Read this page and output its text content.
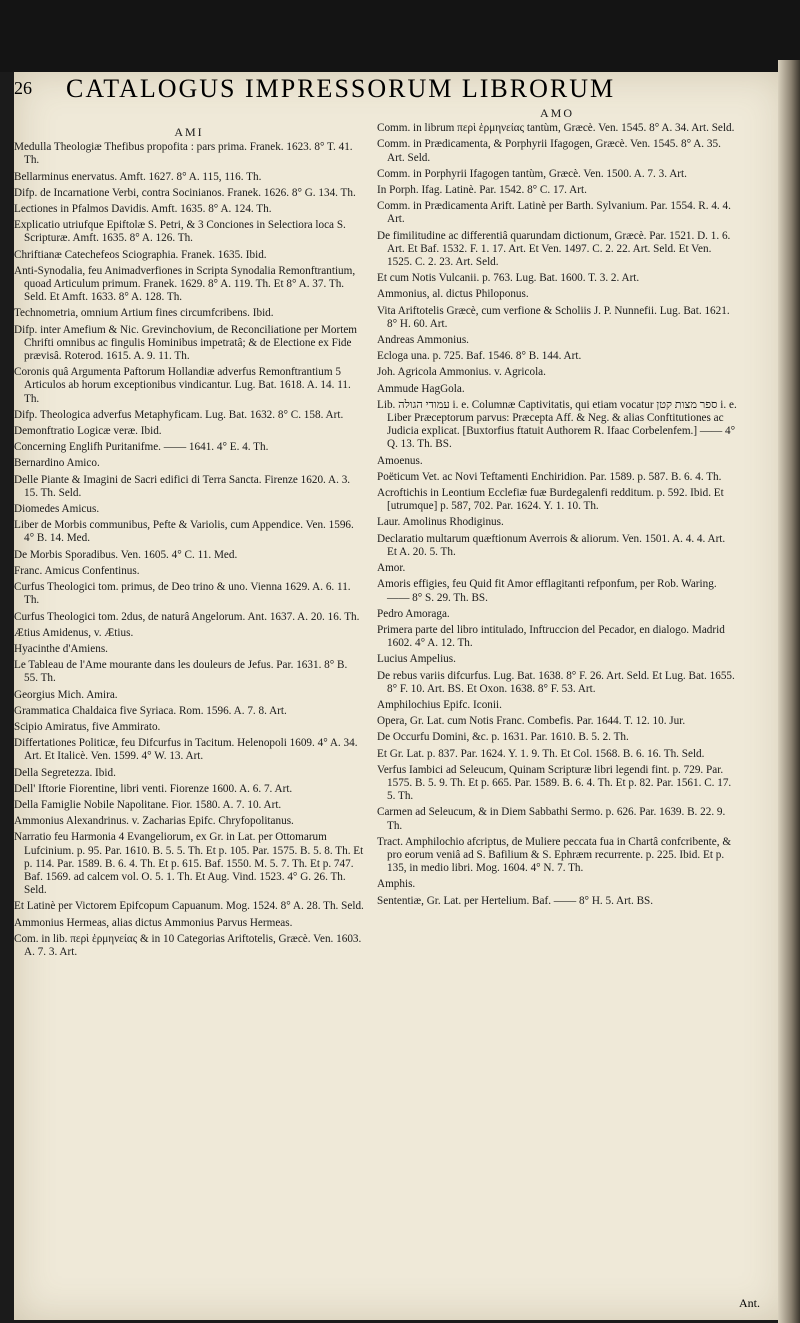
26 CATALOGUS IMPRESSORUM LIBRORUM
AMI
Medulla Theologiæ Thefibus propofita : pars prima. Franek. 1623. 8° T. 41. Th.
Bellarminus enervatus. Amft. 1627. 8° A. 115, 116. Th.
Difp. de Incarnatione Verbi, contra Socinianos. Franek. 1626. 8° G. 134. Th.
Lectiones in Pfalmos Davidis. Amft. 1635. 8° A. 124. Th.
Explicatio utriufque Epiftolæ S. Petri, & 3 Conciones in Selectiora loca S. Scripturæ. Amft. 1635. 8° A. 126. Th.
Chriftianæ Catechefeos Sciographia. Franek. 1635. Ibid.
Anti-Synodalia, feu Animadverfiones in Scripta Synodalia Remonftrantium, quoad Articulum primum. Franek. 1629. 8° A. 119. Th. Et 8° A. 37. Th. Seld. Et Amft. 1633. 8° A. 128. Th.
Technometria, omnium Artium fines circumfcribens. Ibid.
Difp. inter Amefium & Nic. Grevinchovium, de Reconciliatione per Mortem Chrifti omnibus ac fingulis Hominibus impetratâ; & de Electione ex Fide prævisâ. Roterod. 1615. A. 9. 11. Th.
Coronis quâ Argumenta Paftorum Hollandiæ adverfus Remonftrantium 5 Articulos ab horum exceptionibus vindicantur. Lug. Bat. 1618. A. 14. 11. Th.
Difp. Theologica adverfus Metaphyficam. Lug. Bat. 1632. 8° C. 158. Art.
Demonftratio Logicæ veræ. Ibid.
Concerning Englifh Puritanifme. —— 1641. 4° E. 4. Th.
Bernardino Amico.
Delle Piante & Imagini de Sacri edifici di Terra Sancta. Firenze 1620. A. 3. 15. Th. Seld.
Diomedes Amicus.
Liber de Morbis communibus, Pefte & Variolis, cum Appendice. Ven. 1596. 4° B. 14. Med.
De Morbis Sporadibus. Ven. 1605. 4° C. 11. Med.
Franc. Amicus Confentinus.
Curfus Theologici tom. primus, de Deo trino & uno. Vienna 1629. A. 6. 11. Th.
Curfus Theologici tom. 2dus, de naturâ Angelorum. Ant. 1637. A. 20. 16. Th.
Ætius Amidenus, v. Ætius.
Hyacinthe d'Amiens.
Le Tableau de l'Ame mourante dans les douleurs de Jefus. Par. 1631. 8° B. 55. Th.
Georgius Mich. Amira.
Grammatica Chaldaica five Syriaca. Rom. 1596. A. 7. 8. Art.
Scipio Amiratus, five Ammirato.
Differtationes Politicæ, feu Difcurfus in Tacitum. Helenopoli 1609. 4° A. 34. Art. Et Italicè. Ven. 1599. 4° W. 13. Art.
Della Segretezza. Ibid.
Dell' Iftorie Fiorentine, libri venti. Fiorenze 1600. A. 6. 7. Art.
Della Famiglie Nobile Napolitane. Fior. 1580. A. 7. 10. Art.
Ammonius Alexandrinus. v. Zacharias Epifc. Chryfopolitanus.
Narratio feu Harmonia 4 Evangeliorum, ex Gr. in Lat. per Ottomarum Lufcinium. p. 95. Par. 1610. B. 5. 5. Th. Et p. 105. Par. 1575. B. 5. 8. Th. Et p. 114. Par. 1589. B. 6. 4. Th. Et p. 615. Baf. 1550. M. 5. 7. Th. Et p. 747. Baf. 1569. ad calcem vol. O. 5. 1. Th. Et Aug. Vind. 1523. 4° G. 26. Th. Seld.
Et Latinè per Victorem Epifcopum Capuanum. Mog. 1524. 8° A. 28. Th. Seld.
Ammonius Hermeas, alias dictus Ammonius Parvus Hermeas.
Com. in lib. περὶ ἑρμηνείας & in 10 Categorias Ariftotelis, Græcè. Ven. 1603. A. 7. 3. Art.
AMO
Comm. in librum περὶ ἑρμηνείας tantùm, Græcè. Ven. 1545. 8° A. 34. Art. Seld.
Comm. in Prædicamenta, & Porphyrii Ifagogen, Græcè. Ven. 1545. 8° A. 35. Art. Seld.
Comm. in Porphyrii Ifagogen tantùm, Græcè. Ven. 1500. A. 7. 3. Art.
In Porph. Ifag. Latinè. Par. 1542. 8° C. 17. Art.
Comm. in Prædicamenta Arift. Latinè per Barth. Sylvanium. Par. 1554. R. 4. 4. Art.
De fimilitudine ac differentiâ quarundam dictionum, Græcè. Par. 1521. D. 1. 6. Art. Et Baf. 1532. F. 1. 17. Art. Et Ven. 1497. C. 2. 22. Art. Seld. Et Ven. 1525. C. 2. 23. Art. Seld.
Et cum Notis Vulcanii. p. 763. Lug. Bat. 1600. T. 3. 2. Art.
Ammonius, al. dictus Philoponus.
Vita Ariftotelis Græcè, cum verfione & Scholiis J. P. Nunnefii. Lug. Bat. 1621. 8° H. 60. Art.
Andreas Ammonius.
Ecloga una. p. 725. Baf. 1546. 8° B. 144. Art.
Joh. Agricola Ammonius. v. Agricola.
Ammude HagGola.
Lib. עמודי הגולה i. e. Columnæ Captivitatis, qui etiam vocatur ספר מצות קטן i. e. Liber Præceptorum parvus: Præcepta Aff. & Neg. & alias Conftitutiones ac Judicia explicat. [Buxtorfius ftatuit Authorem R. Ifaac Corbelenfem.] —— 4° Q. 13. Th. BS.
Amoenus.
Poëticum Vet. ac Novi Teftamenti Enchiridion. Par. 1589. p. 587. B. 6. 4. Th.
Acroftichis in Leontium Ecclefiæ fuæ Burdegalenfi redditum. p. 592. Ibid. Et [utrumque] p. 587, 702. Par. 1624. Y. 1. 10. Th.
Laur. Amolinus Rhodiginus.
Declaratio multarum quæftionum Averrois & aliorum. Ven. 1501. A. 4. 4. Art. Et A. 20. 5. Th.
Amor.
Amoris effigies, feu Quid fit Amor efflagitanti refponfum, per Rob. Waring. —— 8° S. 29. Th. BS.
Pedro Amoraga.
Primera parte del libro intitulado, Inftruccion del Pecador, en dialogo. Madrid 1602. 4° A. 12. Th.
Lucius Ampelius.
De rebus variis difcurfus. Lug. Bat. 1638. 8° F. 26. Art. Seld. Et Lug. Bat. 1655. 8° F. 10. Art. BS. Et Oxon. 1638. 8° F. 53. Art.
Amphilochius Epifc. Iconii.
Opera, Gr. Lat. cum Notis Franc. Combefis. Par. 1644. T. 12. 10. Jur.
De Occurfu Domini, &c. p. 1631. Par. 1610. B. 5. 2. Th.
Et Gr. Lat. p. 837. Par. 1624. Y. 1. 9. Th. Et Col. 1568. B. 6. 16. Th. Seld.
Verfus Iambici ad Seleucum, Quinam Scripturæ libri legendi fint. p. 729. Par. 1575. B. 5. 9. Th. Et p. 665. Par. 1589. B. 6. 4. Th. Et p. 82. Par. 1561. C. 17. 5. Th.
Carmen ad Seleucum, & in Diem Sabbathi Sermo. p. 626. Par. 1639. B. 22. 9. Th.
Tract. Amphilochio afcriptus, de Muliere peccata fua in Chartâ confcribente, & pro eorum veniâ ad S. Bafilium & S. Ephræm recurrente. p. 225. Ibid. Et p. 135, in medio libri. Mog. 1604. 4° N. 7. Th.
Amphis.
Sententiæ, Gr. Lat. per Hertelium. Baf. —— 8° H. 5. Art. BS.
Ant.
